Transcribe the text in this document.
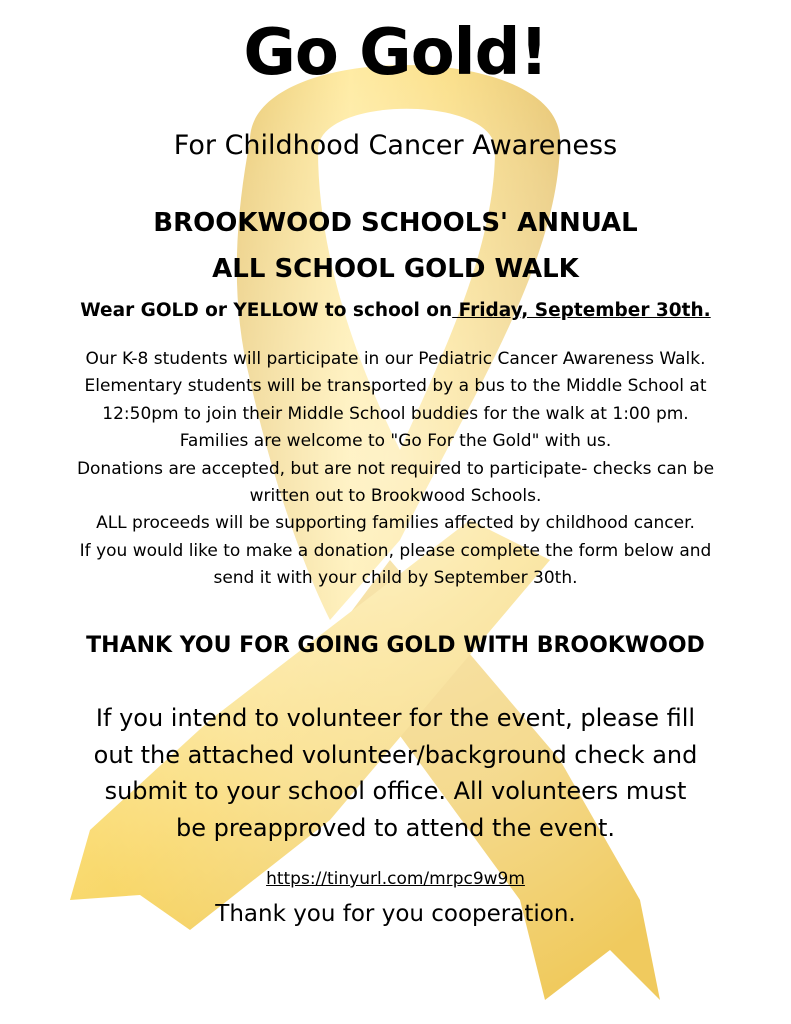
Go Gold!
For Childhood Cancer Awareness
BROOKWOOD SCHOOLS' ANNUAL
ALL SCHOOL GOLD WALK
Wear GOLD or YELLOW to school on Friday, September 30th.
Our K-8 students will participate in our Pediatric Cancer Awareness Walk.
Elementary students will be transported by a bus to the Middle School at
12:50pm to join their Middle School buddies for the walk at 1:00 pm.
Families are welcome to "Go For the Gold" with us.
Donations are accepted, but are not required to participate- checks can be
written out to Brookwood Schools.
ALL proceeds will be supporting families affected by childhood cancer.
If you would like to make a donation, please complete the form below and
send it with your child by September 30th.
THANK YOU FOR GOING GOLD WITH BROOKWOOD
If you intend to volunteer for the event, please fill
out the attached volunteer/background check and
submit to your school office. All volunteers must
be preapproved to attend the event.
https://tinyurl.com/mrpc9w9m
Thank you for you cooperation.
